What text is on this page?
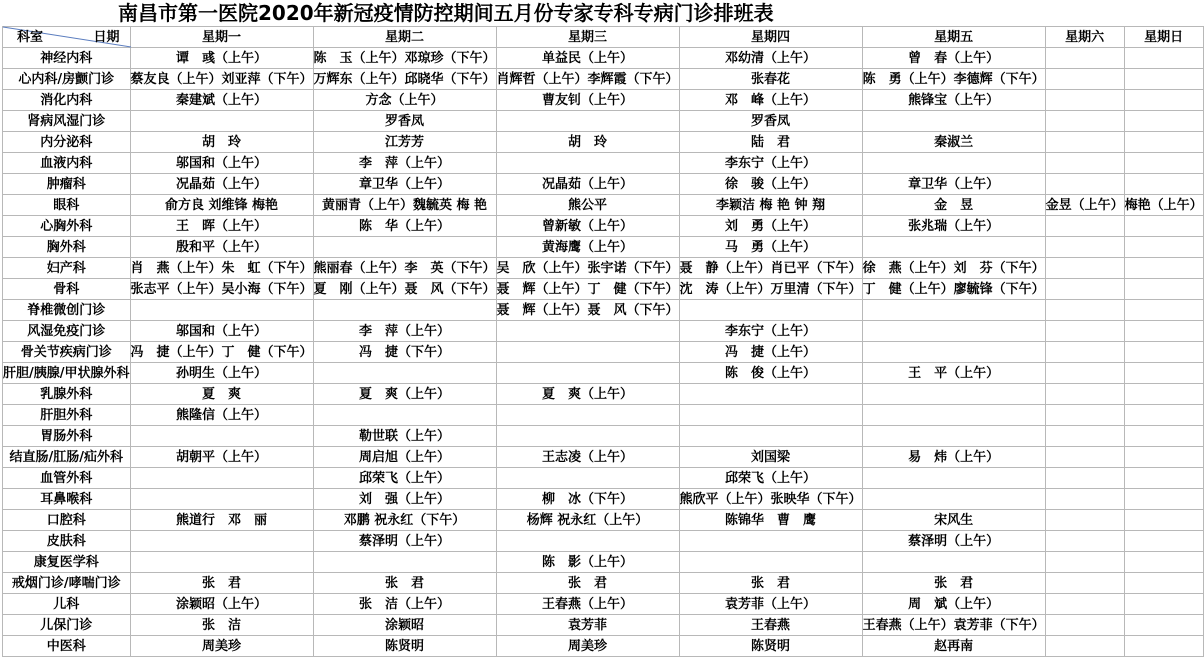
南昌市第一医院2020年新冠疫情防控期间五月份专家专科专病门诊排班表
科室 日期	星期一	星期二	星期三	星期四	星期五	星期六	星期日
神经内科	谭　彧（上午）	陈　玉（上午）邓琼珍（下午）	单益民（上午）	邓幼清（上午）	曾　春（上午）		
心内科/房颤门诊	蔡友良（上午）刘亚萍（下午）	万辉东（上午）邱晓华（下午）	肖辉哲（上午）李辉霞（下午）	张春花	陈　勇（上午）李德辉（下午）		
消化内科	秦建斌（上午）	方念（上午）	曹友钊（上午）	邓　峰（上午）	熊锋宝（上午）		
肾病风湿门诊		罗香凤		罗香凤			
内分泌科	胡　玲	江芳芳	胡　玲	陆　君	秦淑兰		
血液内科	邬国和（上午）	李　萍（上午）		李东宁（上午）			
肿瘤科	况晶茹（上午）	章卫华（上午）	况晶茹（上午）	徐　骏（上午）	章卫华（上午）		
眼科	俞方良 刘维锋 梅艳	黄丽青（上午）魏毓英 梅 艳	熊公平	李颖洁 梅 艳 钟 翔	金　昱	金昱（上午）	梅艳（上午）
心胸外科	王　晖（上午）	陈　华（上午）	曾新敏（上午）	刘　勇（上午）	张兆瑞（上午）		
胸外科	殷和平（上午）		黄海鹰（上午）	马　勇（上午）			
妇产科	肖　燕（上午）朱　虹（下午）	熊丽春（上午）李　英（下午）	吴　欣（上午）张宇诺（下午）	聂　静（上午）肖已平（下午）	徐　燕（上午）刘　芬（下午）		
骨科	张志平（上午）吴小海（下午）	夏　刚（上午）聂　风（下午）	聂　辉（上午）丁　健（下午）	沈　涛（上午）万里清（下午）	丁　健（上午）廖毓锋（下午）		
脊椎微创门诊			聂　辉（上午）聂　风（下午）				
风湿免疫门诊	邬国和（上午）	李　萍（上午）		李东宁（上午）			
骨关节疾病门诊	冯　捷（上午）丁　健（下午）	冯　捷（下午）		冯　捷（上午）			
肝胆/胰腺/甲状腺外科	孙明生（上午）			陈　俊（上午）	王　平（上午）		
乳腺外科	夏　爽	夏　爽（上午）	夏　爽（上午）				
肝胆外科	熊隆信（上午）						
胃肠外科		勒世联（上午）					
结直肠/肛肠/疝外科	胡朝平（上午）	周启旭（上午）	王志凌（上午）	刘国梁	易　炜（上午）		
血管外科		邱荣飞（上午）		邱荣飞（上午）			
耳鼻喉科		刘　强（上午）	柳　冰（下午）	熊欣平（上午）张映华（下午）			
口腔科	熊道行　邓　丽	邓鹏 祝永红（下午）	杨辉 祝永红（上午）	陈锦华　曹　鹰	宋风生		
皮肤科		蔡泽明（上午）			蔡泽明（上午）		
康复医学科			陈　影（上午）				
戒烟门诊/哮喘门诊	张　君	张　君	张　君	张　君	张　君		
儿科	涂颖昭（上午）	张　洁（上午）	王春燕（上午）	袁芳菲（上午）	周　斌（上午）		
儿保门诊	张　洁	涂颖昭	袁芳菲	王春燕	王春燕（上午）袁芳菲（下午）		
中医科	周美珍	陈贤明	周美珍	陈贤明	赵再南		
